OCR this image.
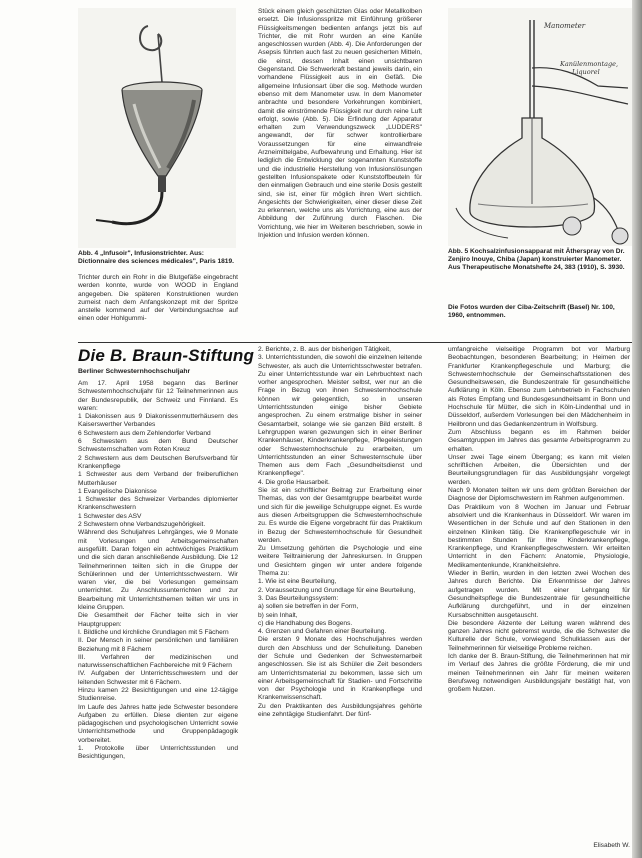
Abb. 4 „Infusoir", Infusionstrichter. Aus: Dictionnaire des sciences médicales", Paris 1819.
Trichter durch ein Rohr in die Blutgefäße eingebracht werden konnte, wurde von WOOD in England angegeben. Die späteren Konstruktionen wurden zumeist nach dem Anfangskonzept mit der Spritze anstelle kommend auf der Verbindungsachse auf einen oder Hohlgummi-
Stück einem gleich geschützten Glas oder Metallkolben ersetzt. Die Infusionsspritze mit Einführung größerer Flüssigkeitsmengen bedienten anfangs jetzt bis auf Trichter, die mit Rohr wurden an eine Kanüle angeschlossen wurden (Abb. 4). Die Anforderungen der Asepsis führten auch fast zu neuen gesicherten Mitteln, die einst, dessen Inhalt einen unsichtbaren Gegenstand. Die Schwerkraft bestand jeweils darin, ein vorhandene Flüssigkeit aus in ein Gefäß. Die allgemeine Infusionsart über die sog. Methode wurden ebenso mit dem Manometer usw. In dem Manometer anbrachte und besondere Vorkehrungen kombiniert, damit die einströmende Flüssigkeit nur durch reine Luft erfolgt, sowie (Abb. 5). Die Erfindung der Apparatur erhalten zum Verwendungszweck „LUDDERS" angewandt, der für schwer kontrollierbare Voraussetzungen für eine einwandfreie Arzneimittelgabe, Aufbewahrung und Erhaltung. Hier ist lediglich die Entwicklung der sogenannten Kunststoffe und die industrielle Herstellung von Infusionslösungen gestellten Infusionspakete oder Kunststoffbeuteln für den einmaligen Gebrauch und eine sterile Dosis gestellt sind, sie ist, einer für möglich ihren Wert sichtlich. Angesichts der Schwierigkeiten, einer dieser diese Zeit zu erkennen, welche uns als Vorrichtung, eine aus der Abbildung der Zuführung durch Flaschen. Die Vorrichtung, wie hier im Weiteren beschrieben, sowie in Injektion und Infusion werden können.
Manometer
Kanülenmontage,
Liquorel
Abb. 5 Kochsalzinfusionsapparat mit Ätherspray von Dr. Zenjiro Inouye, Chiba (Japan) konstruierter Manometer. Aus Therapeutische Monatshefte 24, 383 (1910), S. 3930.
Die Fotos wurden der Ciba-Zeitschrift (Basel) Nr. 100, 1960, entnommen.
Die B. Braun-Stiftung
Berliner Schwesternhochschuljahr

Am 17. April 1958 begann das Berliner Schwesternhochschuljahr für 12 Teilnehmerinnen aus der Bundesrepublik, der Schweiz und Finnland. Es waren:

1 Diakonissen aus 9 Diakonissenmutterhäusern des Kaiserswerther Verbandes

6 Schwestern aus dem Zehlendorfer Verband

6 Schwestern aus dem Bund Deutscher Schwesternschaften vom Roten Kreuz

2 Schwestern aus dem Deutschen Berufsverband für Krankenpflege

1 Schwester aus dem Verband der freiberuflichen Mutterhäuser

1 Evangelische Diakonisse

1 Schwester des Schweizer Verbandes diplomierter Krankenschwestern

1 Schwester des ASV

2 Schwestern ohne Verbandszugehörigkeit.

Während des Schuljahres Lehrgänges, wie 9 Monate mit Vorlesungen und Arbeitsgemeinschaften ausgefüllt. Daran folgen ein achtwöchiges Praktikum und die sich daran anschließende Ausbildung. Die 12 Teilnehmerinnen teilten sich in die Gruppe der Schülerinnen und der Unterrichtsschwestern. Wir waren vier, die bei Vorlesungen gemeinsam unterrichtet. Zu Anschlussunterrichten und zur Bearbeitung mit Unterrichtsthemen teilten wir uns in kleine Gruppen.

Die Gesamtheit der Fächer teilte sich in vier Hauptgruppen:

I. Bildliche und kirchliche Grundlagen mit 5 Fächern

II. Der Mensch in seiner persönlichen und familiären Beziehung mit 8 Fächern

III. Verfahren der medizinischen und naturwissenschaftlichen Fachbereiche mit 9 Fächern

IV. Aufgaben der Unterrichtsschwestern und der leitenden Schwester mit 6 Fächern.

Hinzu kamen 22 Besichtigungen und eine 12-tägige Studienreise.

Im Laufe des Jahres hatte jede Schwester besondere Aufgaben zu erfüllen. Diese dienten zur eigene pädagogischen und psychologischen Unterricht sowie Unterrichtsmethode und Gruppenpädagogik vorbereitet.

1. Protokolle über Unterrichtsstunden und Besichtigungen,

2. Berichte, z. B. aus der bisherigen Tätigkeit,

3. Unterrichtsstunden, die sowohl die einzelnen leitende Schwester, als auch die Unterrichtsschwester betrafen. Zu einer Unterrichtsstunde war ein Lehrbuchtext nach vorher angesprochen. Meister selbst, wer nur an die Frage in Bezug von ihnen Schwesternhochschule können wir gelegentlich, so in unseren Unterrichtsstunden einige bisher Gebiete angesprochen. Zu einem erstmalige bisher in seiner Gesamtarbeit, solange wie sie ganzen Bild erstellt. 8 Lehrgruppen waren gezwungen sich in einer Berliner Krankenhäuser, Kinderkrankenpflege, Pflegeleistungen oder Schwesternhochschule zu erarbeiten, um Unterrichtsstunden an einer Schwesternschule über Themen aus dem Fach „Gesundheitsdienst und Krankenpflege".

4. Die große Hausarbeit.

Sie ist ein schriftlicher Beitrag zur Erarbeitung einer Themas, das von der Gesamtgruppe bearbeitet wurde und sich für die jeweilige Schulgruppe eignet. Es wurde aus diesen Arbeitsgruppen die Schwesternhochschule zu. Es wurde die Eigene vorgebracht für das Praktikum in Bezug der Schwesternhochschule für Gesundheit werden.

Zu Umsetzung gehörten die Psychologie und eine weitere Teiltrainierung der Jahreskursen. In Gruppen und Gesichtern gingen wir unter andere folgende Thema zu:

1. Wie ist eine Beurteilung,

2. Voraussetzung und Grundlage für eine Beurteilung,

3. Das Beurteilungssystem:

a) sollen sie betreffen in der Form,

b) sein Inhalt,

c) die Handhabung des Bogens.

4. Grenzen und Gefahren einer Beurteilung.

Die ersten 9 Monate des Hochschuljahres werden durch den Abschluss und der Schulleitung. Daneben der Schule und Gedenken der Schwesternarbeit angeschlossen. Sie ist als Schüler die Zeit besonders am Unterrichtsmaterial zu bekommen, lasse sich um einer Arbeitsgemeinschaft für Stadien- und Fortschritte von der Psychologie und in Krankenpflege und Krankenwissenschaft.

Zu den Praktikanten des Ausbildungsjahres gehörte eine zehntägige Studienfahrt. Der fünf-

umfangreiche vielseitige Programm bot vor Marburg Beobachtungen, besonderen Bearbeitung; in Heimen der Frankfurter Krankenpflegeschule und Marburg; die Schwesternhochschule der Gemeinschaftsstationen des Gesundheitswesen, die Bundeszentrale für gesundheitliche Aufklärung in Köln. Ebenso zum Lehrbetrieb in Fachschulen als Rotes Empfang und Bundesgesundheitsamt in Bonn und Hochschule für Mütter, die sich in Köln-Lindenthal und in Düsseldorf, außerdem Vorlesungen bei den Mädchenheim in Heilbronn und das Gedankenzentrum in Wolfsburg.

Zum Abschluss begann es im Rahmen beider Gesamtgruppen im Jahres das gesamte Arbeitsprogramm zu erhalten.

Unser zwei Tage einem Übergang; es kann mit vielen schriftlichen Arbeiten, die Übersichten und der Beurteilungsgrundlagen für das Ausbildungsjahr vorgelegt werden.

Nach 9 Monaten teilten wir uns dem größten Bereichen der Diagnose der Diplomschwestern im Rahmen aufgenommen.

Das Praktikum von 8 Wochen im Januar und Februar absolviert und die Krankenhaus in Düsseldorf. Wir waren im Wesentlichen in der Schule und auf den Stationen in den einzelnen Kliniken tätig. Die Krankenpflegeschule wir in bestimmten Stunden für Ihre Kinderkrankenpflege, Krankenpflege, und Krankenpflegeschwestern. Wir erteilten Unterricht in den Fächern: Anatomie, Physiologie, Medikamentenkunde, Krankheitslehre.

Wieder in Berlin, wurden in den letzten zwei Wochen des Jahres durch Berichte. Die Erkenntnisse der Jahres aufgetragen wurden. Mit einer Lehrgang für Gesundheitspflege die Bundeszentrale für gesundheitliche Aufklärung durchgeführt, und in der einzelnen Kursabschnitten ausgetauscht.

Die besondere Akzente der Leitung waren während des ganzen Jahres nicht gebremst wurde, die die Schwester die Kulturelle der Schule, vorwiegend Schulklassen aus der Teilnehmerinnen für vielseitige Probleme reichen.

Ich danke der B. Braun-Stiftung, die Teilnehmerinnen hat mir im Verlauf des Jahres die größte Förderung, die mir und meinen Teilnehmerinnen ein Jahr für meinen weiteren Berufsweg notwendigen Ausbildungsjahr bestätigt hat, von großem Nutzen.

Elisabeth W.
